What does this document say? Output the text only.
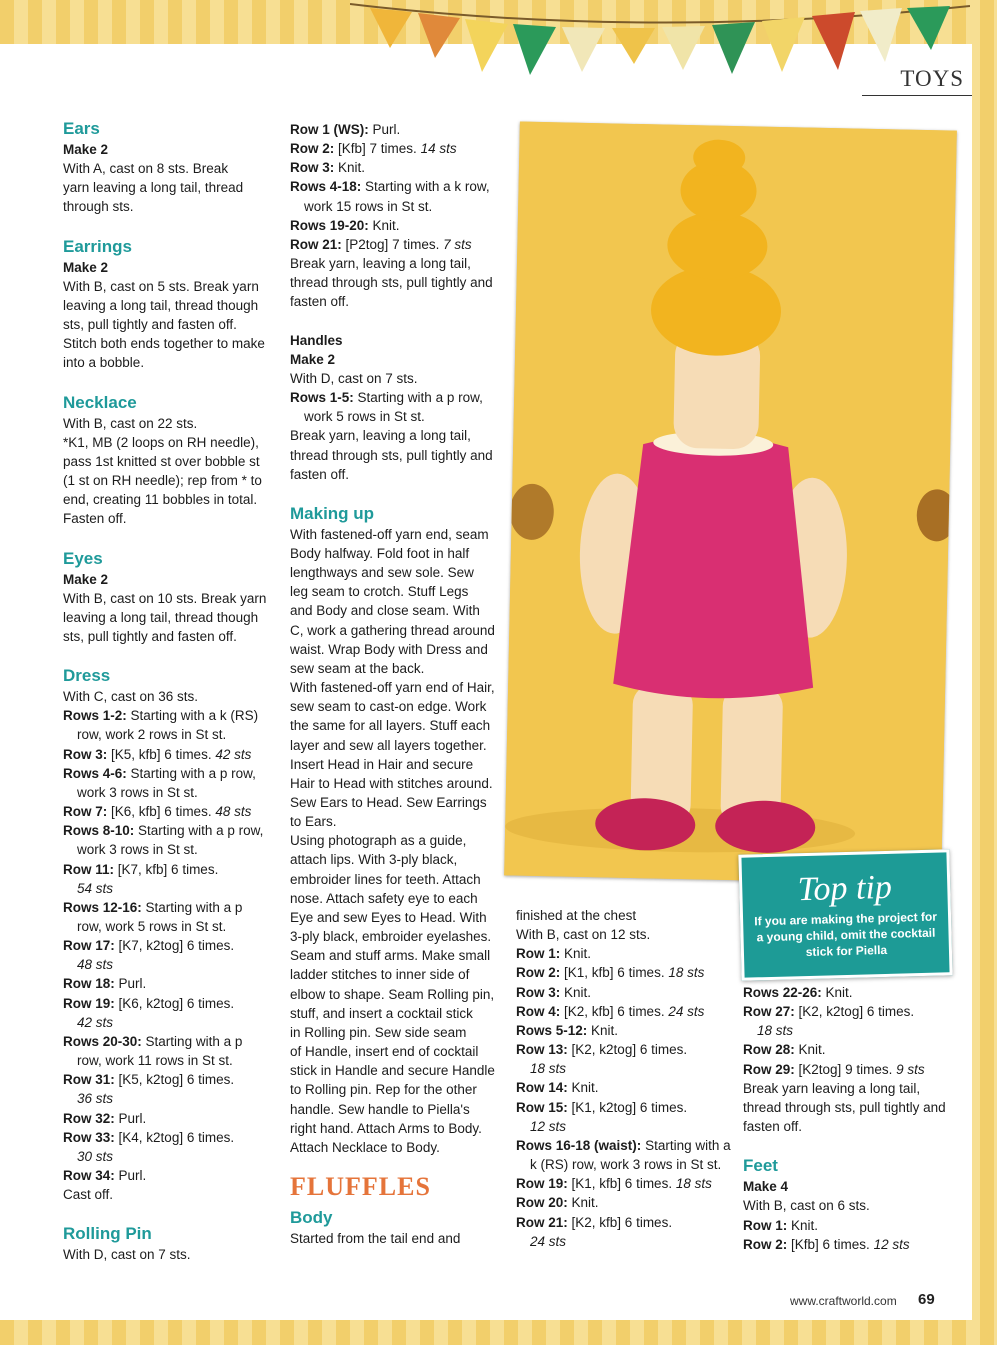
TOYS
Ears

Make 2

With A, cast on 8 sts. Break

yarn leaving a long tail, thread

through sts.

Earrings

Make 2

With B, cast on 5 sts. Break yarn

leaving a long tail, thread though

sts, pull tightly and fasten off.

Stitch both ends together to make

into a bobble.

Necklace

With B, cast on 22 sts.

*K1, MB (2 loops on RH needle),

pass 1st knitted st over bobble st

(1 st on RH needle); rep from * to

end, creating 11 bobbles in total.

Fasten off.

Eyes

Make 2

With B, cast on 10 sts. Break yarn

leaving a long tail, thread though

sts, pull tightly and fasten off.

Dress

With C, cast on 36 sts.

Rows 1-2: Starting with a k (RS)

row, work 2 rows in St st.

Row 3: [K5, kfb] 6 times. 42 sts

Rows 4-6: Starting with a p row,

work 3 rows in St st.

Row 7: [K6, kfb] 6 times. 48 sts

Rows 8-10: Starting with a p row,

work 3 rows in St st.

Row 11: [K7, kfb] 6 times.

54 sts

Rows 12-16: Starting with a p

row, work 5 rows in St st.

Row 17: [K7, k2tog] 6 times.

48 sts

Row 18: Purl.

Row 19: [K6, k2tog] 6 times.

42 sts

Rows 20-30: Starting with a p

row, work 11 rows in St st.

Row 31: [K5, k2tog] 6 times.

36 sts

Row 32: Purl.

Row 33: [K4, k2tog] 6 times.

30 sts

Row 34: Purl.

Cast off.

Rolling Pin

With D, cast on 7 sts.

Row 1 (WS): Purl.

Row 2: [Kfb] 7 times. 14 sts

Row 3: Knit.

Rows 4-18: Starting with a k row,

work 15 rows in St st.

Rows 19-20: Knit.

Row 21: [P2tog] 7 times. 7 sts

Break yarn, leaving a long tail,

thread through sts, pull tightly and

fasten off.

Handles

Make 2

With D, cast on 7 sts.

Rows 1-5: Starting with a p row,

work 5 rows in St st.

Break yarn, leaving a long tail,

thread through sts, pull tightly and

fasten off.

Making up

With fastened-off yarn end, seam

Body halfway. Fold foot in half

lengthways and sew sole. Sew

leg seam to crotch. Stuff Legs

and Body and close seam. With

C, work a gathering thread around

waist. Wrap Body with Dress and

sew seam at the back.

With fastened-off yarn end of Hair,

sew seam to cast-on edge. Work

the same for all layers. Stuff each

layer and sew all layers together.

Insert Head in Hair and secure

Hair to Head with stitches around.

Sew Ears to Head. Sew Earrings

to Ears.

Using photograph as a guide,

attach lips. With 3-ply black,

embroider lines for teeth. Attach

nose. Attach safety eye to each

Eye and sew Eyes to Head. With

3-ply black, embroider eyelashes.

Seam and stuff arms. Make small

ladder stitches to inner side of

elbow to shape. Seam Rolling pin,

stuff, and insert a cocktail stick

in Rolling pin. Sew side seam

of Handle, insert end of cocktail

stick in Handle and secure Handle

to Rolling pin. Rep for the other

handle. Sew handle to Piella's

right hand. Attach Arms to Body.

Attach Necklace to Body.

FLUFFLES
Body

Started from the tail end and

Top tip
If you are making the project for a young child, omit the cocktail stick for Piella

finished at the chest

With B, cast on 12 sts.

Row 1: Knit.

Row 2: [K1, kfb] 6 times. 18 sts

Row 3: Knit.

Row 4: [K2, kfb] 6 times. 24 sts

Rows 5-12: Knit.

Row 13: [K2, k2tog] 6 times.

18 sts

Row 14: Knit.

Row 15: [K1, k2tog] 6 times.

12 sts

Rows 16-18 (waist): Starting with a

k (RS) row, work 3 rows in St st.

Row 19: [K1, kfb] 6 times. 18 sts

Row 20: Knit.

Row 21: [K2, kfb] 6 times.

24 sts

Rows 22-26: Knit.

Row 27: [K2, k2tog] 6 times.

18 sts

Row 28: Knit.

Row 29: [K2tog] 9 times. 9 sts

Break yarn leaving a long tail,

thread through sts, pull tightly and

fasten off.

Feet

Make 4

With B, cast on 6 sts.

Row 1: Knit.

Row 2: [Kfb] 6 times. 12 sts

www.craftworld.com 69
